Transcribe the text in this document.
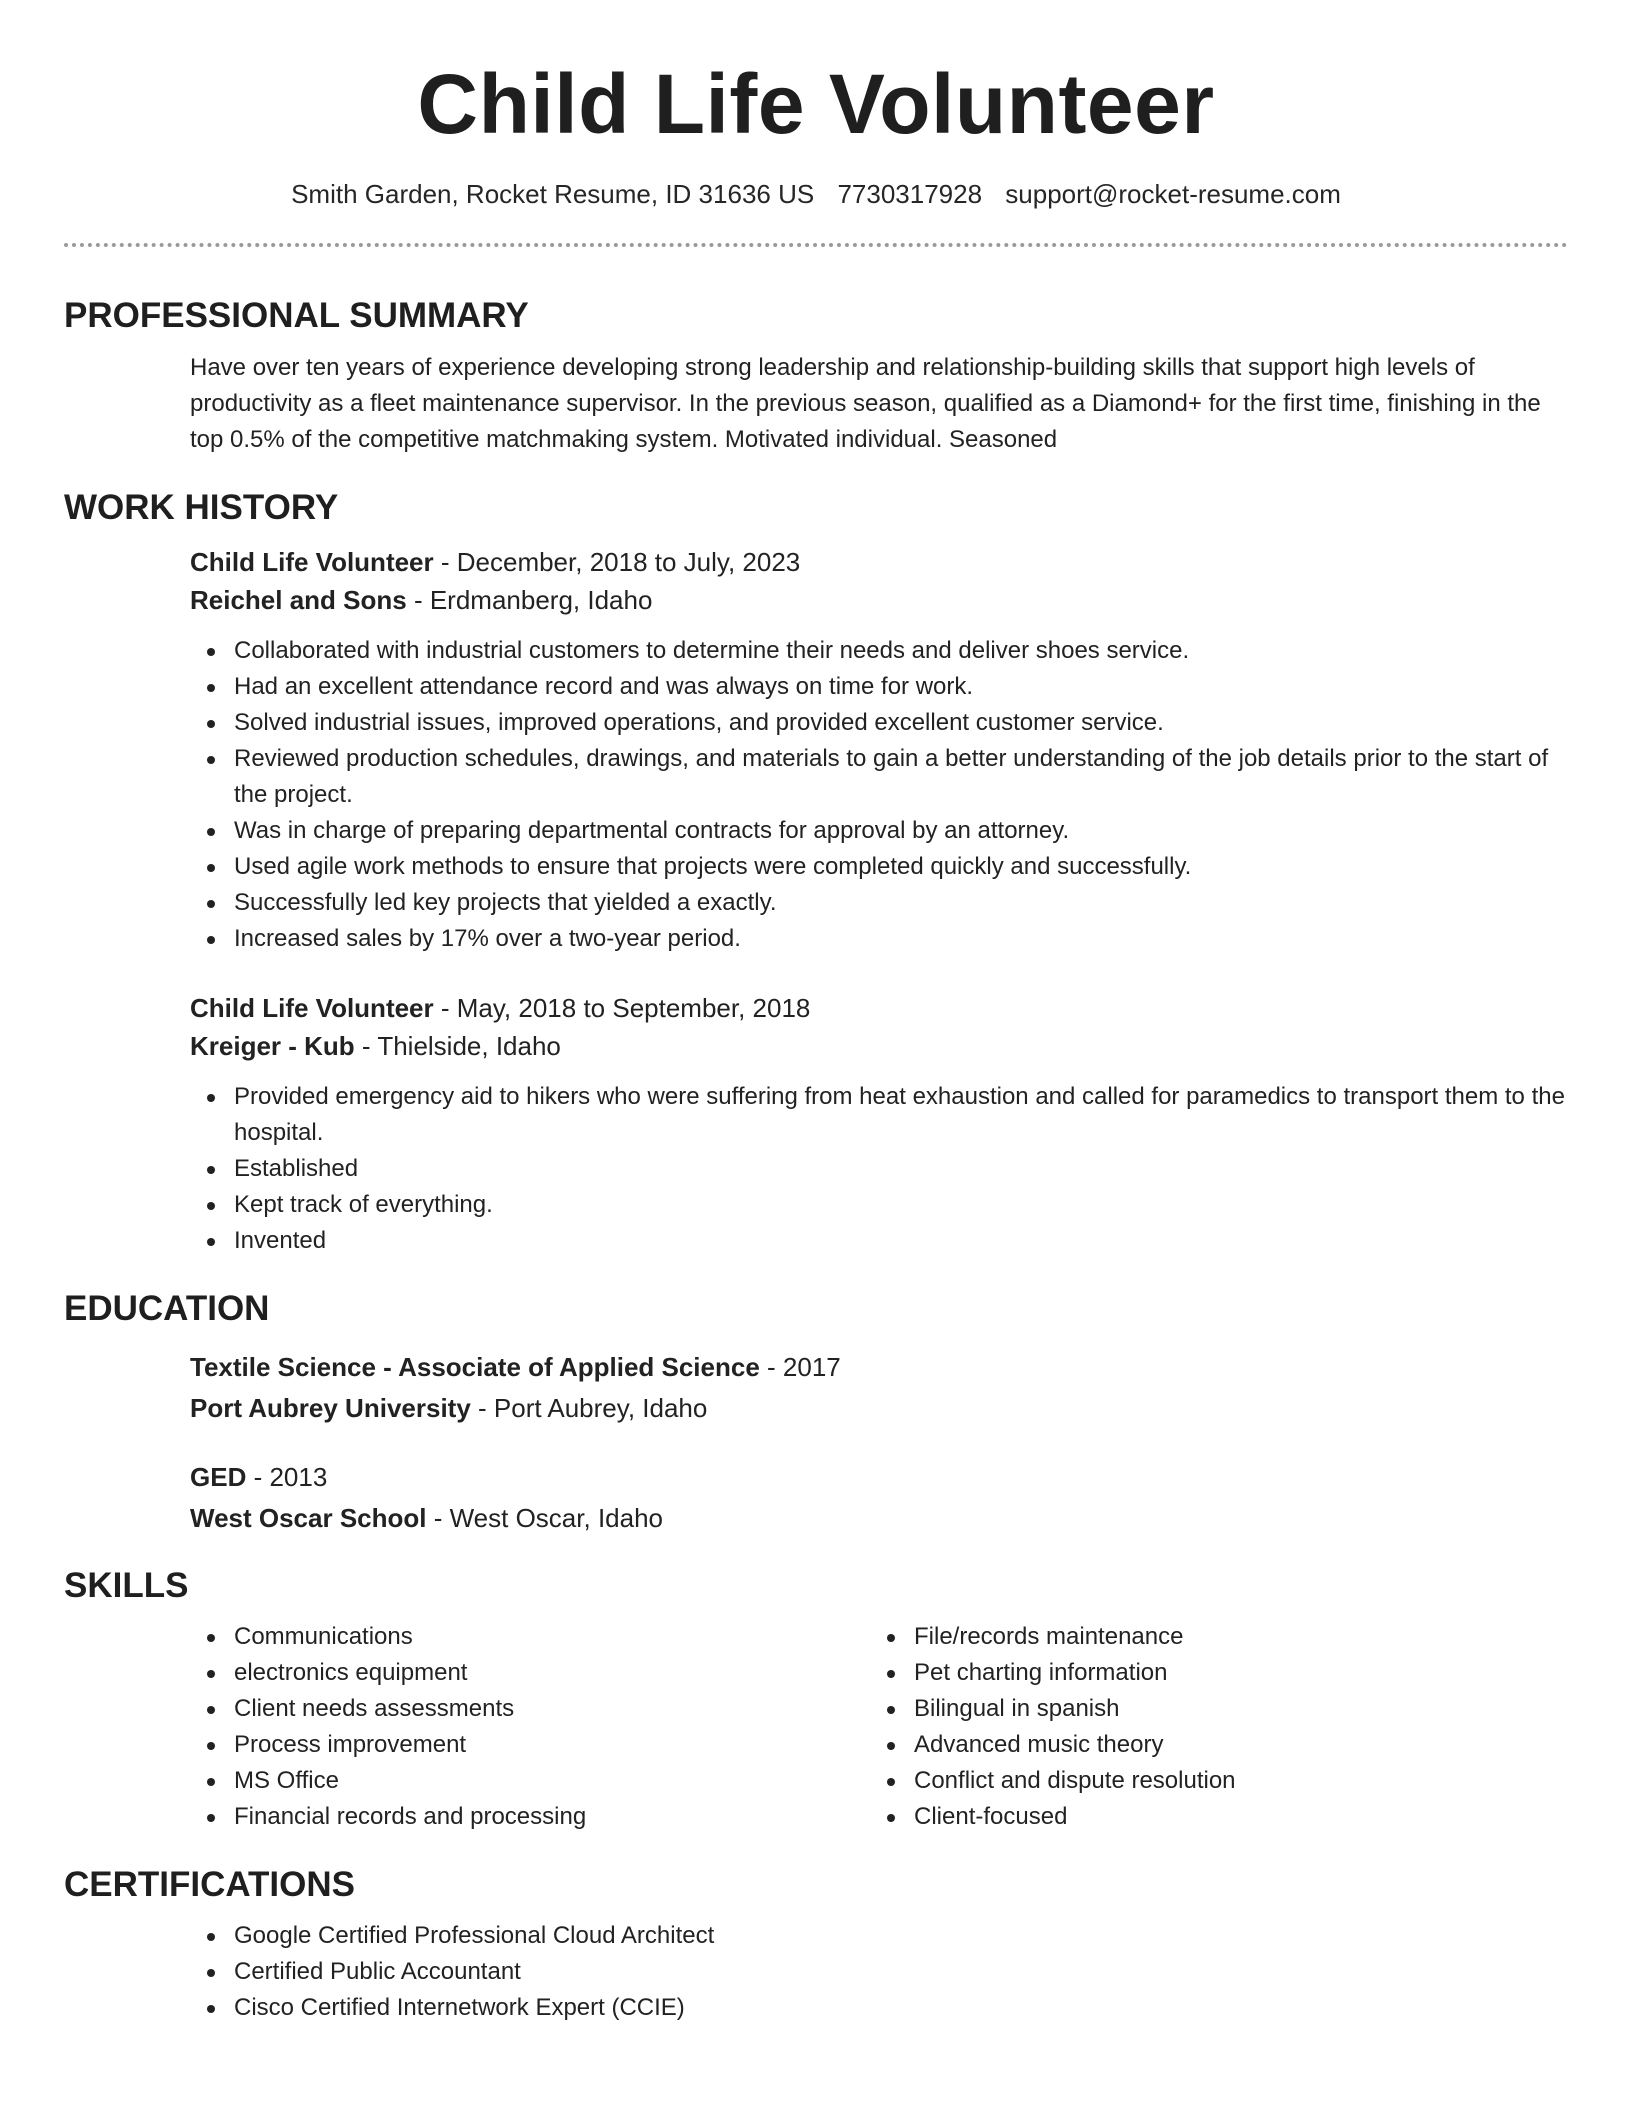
Child Life Volunteer
Smith Garden, Rocket Resume, ID 31636 US 7730317928 support@rocket-resume.com
PROFESSIONAL SUMMARY

Have over ten years of experience developing strong leadership and relationship-building skills that support high levels of productivity as a fleet maintenance supervisor. In the previous season, qualified as a Diamond+ for the first time, finishing in the top 0.5% of the competitive matchmaking system. Motivated individual. Seasoned

WORK HISTORY
Child Life Volunteer - December, 2018 to July, 2023
Reichel and Sons - Erdmanberg, Idaho
Collaborated with industrial customers to determine their needs and deliver shoes service.
Had an excellent attendance record and was always on time for work.
Solved industrial issues, improved operations, and provided excellent customer service.
Reviewed production schedules, drawings, and materials to gain a better understanding of the job details prior to the start of the project.
Was in charge of preparing departmental contracts for approval by an attorney.
Used agile work methods to ensure that projects were completed quickly and successfully.
Successfully led key projects that yielded a exactly.
Increased sales by 17% over a two-year period.
Child Life Volunteer - May, 2018 to September, 2018
Kreiger - Kub - Thielside, Idaho
Provided emergency aid to hikers who were suffering from heat exhaustion and called for paramedics to transport them to the hospital.
Established
Kept track of everything.
Invented
EDUCATION
Textile Science - Associate of Applied Science - 2017
Port Aubrey University - Port Aubrey, Idaho
GED - 2013
West Oscar School - West Oscar, Idaho
SKILLS
Communications
electronics equipment
Client needs assessments
Process improvement
MS Office
Financial records and processing
File/records maintenance
Pet charting information
Bilingual in spanish
Advanced music theory
Conflict and dispute resolution
Client-focused
CERTIFICATIONS
Google Certified Professional Cloud Architect
Certified Public Accountant
Cisco Certified Internetwork Expert (CCIE)
